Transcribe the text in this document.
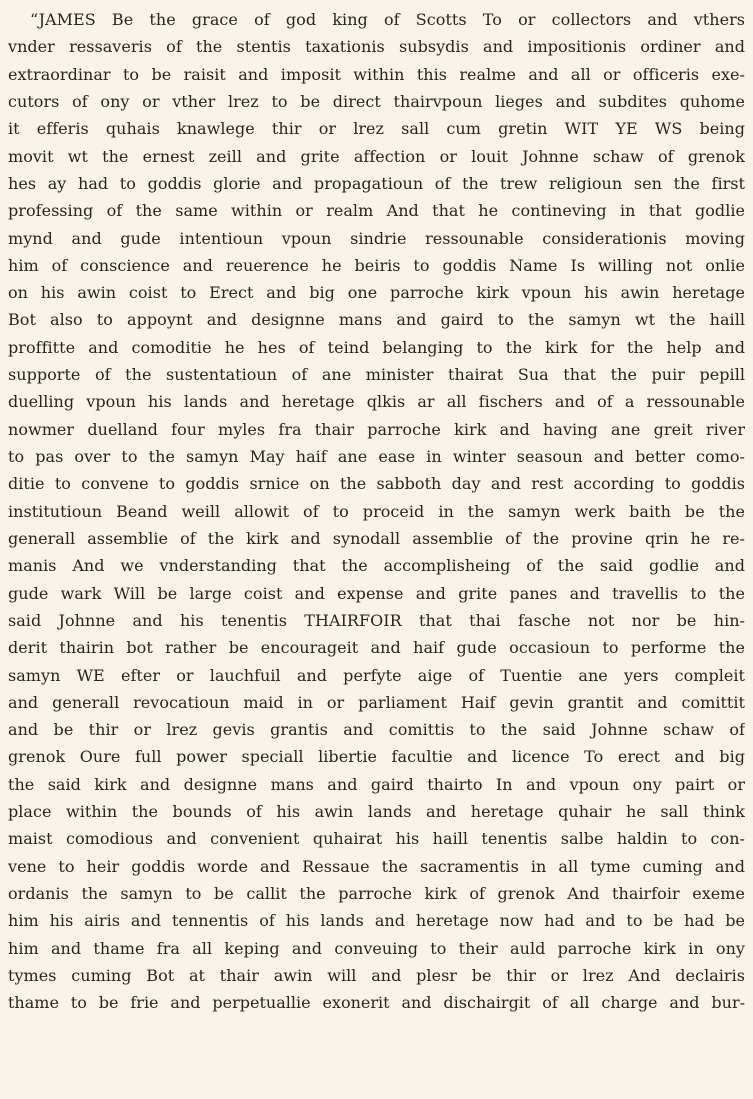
“JAMES Be the grace of god king of Scotts To or collectors and vthers
vnder ressaveris of the stentis taxationis subsydis and impositionis ordiner and
extraordinar to be raisit and imposit within this realme and all or officeris exe-
cutors of ony or vther lrez to be direct thairvpoun lieges and subdites quhome
it efferis quhais knawlege thir or lrez sall cum gretin WIT YE WS being
movit wt the ernest zeill and grite affection or louit Johnne schaw of grenok
hes ay had to goddis glorie and propagatioun of the trew religioun sen the first
professing of the same within or realm And that he contineving in that godlie
mynd and gude intentioun vpoun sindrie ressounable considerationis moving
him of conscience and reuerence he beiris to goddis Name Is willing not onlie
on his awin coist to Erect and big one parroche kirk vpoun his awin heretage
Bot also to appoynt and designne mans and gaird to the samyn wt the haill
proffitte and comoditie he hes of teind belanging to the kirk for the help and
supporte of the sustentatioun of ane minister thairat Sua that the puir pepill
duelling vpoun his lands and heretage qlkis ar all fischers and of a ressounable
nowmer duelland four myles fra thair parroche kirk and having ane greit river
to pas over to the samyn May haif ane ease in winter seasoun and better como-
ditie to convene to goddis srnice on the sabboth day and rest according to goddis
institutioun Beand weill allowit of to proceid in the samyn werk baith be the
generall assemblie of the kirk and synodall assemblie of the provine qrin he re-
manis And we vnderstanding that the accomplisheing of the said godlie and
gude wark Will be large coist and expense and grite panes and travellis to the
said Johnne and his tenentis THAIRFOIR that thai fasche not nor be hin-
derit thairin bot rather be encourageit and haif gude occasioun to performe the
samyn WE efter or lauchfuil and perfyte aige of Tuentie ane yers compleit
and generall revocatioun maid in or parliament Haif gevin grantit and comittit
and be thir or lrez gevis grantis and comittis to the said Johnne schaw of
grenok Oure full power speciall libertie facultie and licence To erect and big
the said kirk and designne mans and gaird thairto In and vpoun ony pairt or
place within the bounds of his awin lands and heretage quhair he sall think
maist comodious and convenient quhairat his haill tenentis salbe haldin to con-
vene to heir goddis worde and Ressaue the sacramentis in all tyme cuming and
ordanis the samyn to be callit the parroche kirk of grenok And thairfoir exeme
him his airis and tennentis of his lands and heretage now had and to be had be
him and thame fra all keping and conveuing to their auld parroche kirk in ony
tymes cuming Bot at thair awin will and plesr be thir or lrez And declairis
thame to be frie and perpetuallie exonerit and dischairgit of all charge and bur-
